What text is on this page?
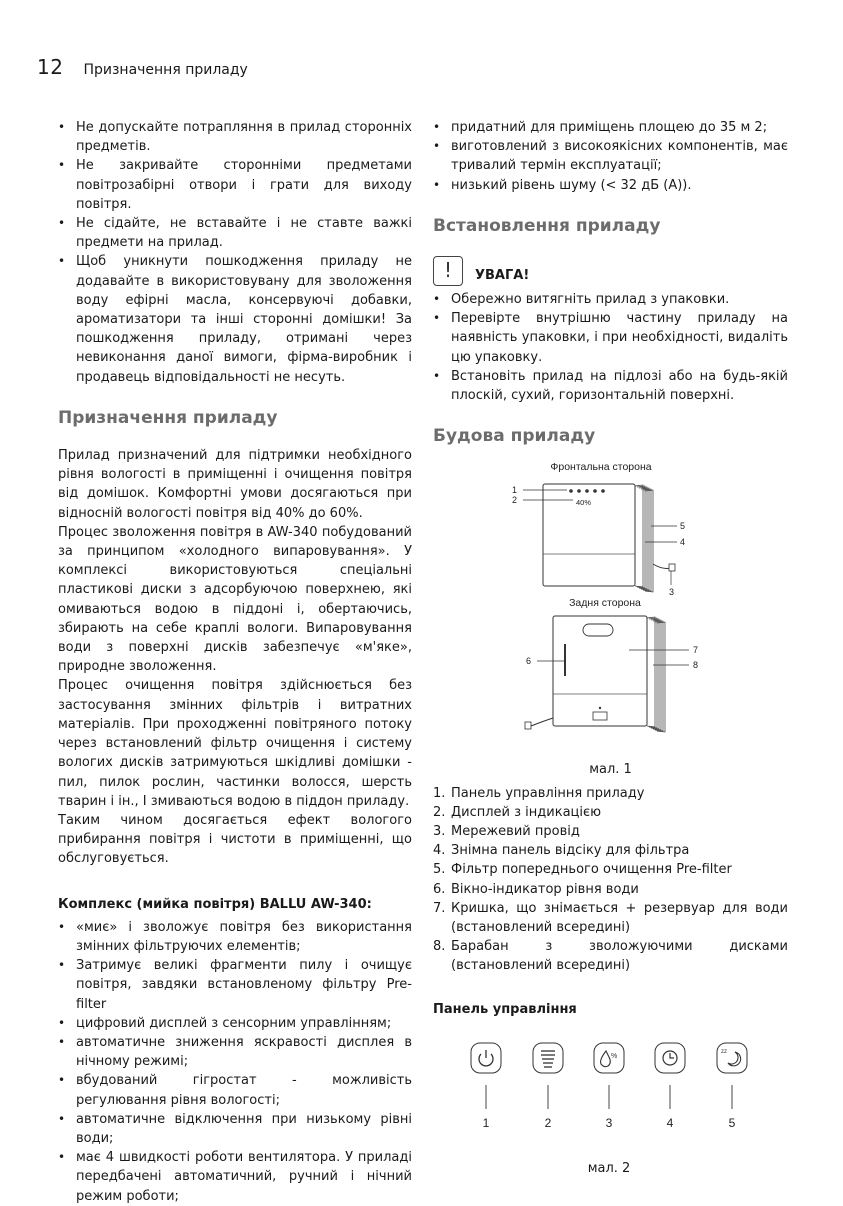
12 Призначення приладу
• Не допускайте потрапляння в прилад сторонніх предметів.
• Не закривайте сторонніми предметами повітрозабірні отвори і грати для виходу повітря.
• Не сідайте, не вставайте і не ставте важкі предмети на прилад.
• Щоб уникнути пошкодження приладу не додавайте в використовувану для зволоження воду ефірні масла, консервуючі добавки, ароматизатори та інші сторонні домішки! За пошкодження приладу, отримані через невиконання даної вимоги, фірма-виробник і продавець відповідальності не несуть.
Призначення приладу

Прилад призначений для підтримки необхідного рівня вологості в приміщенні і очищення повітря від домішок. Комфортні умови досягаються при відносній вологості повітря від 40% до 60%.

Процес зволоження повітря в AW-340 побудований за принципом «холодного випаровування». У комплексі використовуються спеціальні пластикові диски з адсорбуючою поверхнею, які омиваються водою в піддоні і, обертаючись, збирають на себе краплі вологи. Випаровування води з поверхні дисків забезпечує «м'яке», природне зволоження.

Процес очищення повітря здійснюється без застосування змінних фільтрів і витратних матеріалів. При проходженні повітряного потоку через встановлений фільтр очищення і систему вологих дисків затримуються шкідливі домішки - пил, пилок рослин, частинки волосся, шерсть тварин і ін., І змиваються водою в піддон приладу.

Таким чином досягається ефект вологого прибирання повітря і чистоти в приміщенні, що обслуговується.

Комплекс (мийка повітря) BALLU AW-340:
• «миє» і зволожує повітря без використання змінних фільтруючих елементів;
• Затримує великі фрагменти пилу і очищує повітря, завдяки встановленому фільтру Pre-filter
• цифровий дисплей з сенсорним управлінням;
• автоматичне зниження яскравості дисплея в нічному режимі;
• вбудований гігростат - можливість регулювання рівня вологості;
• автоматичне відключення при низькому рівні води;
• має 4 швидкості роботи вентилятора. У приладі передбачені автоматичний, ручний і нічний режим роботи;
• придатний для приміщень площею до 35 м 2;
• виготовлений з високоякісних компонентів, має тривалий термін експлуатації;
• низький рівень шуму (< 32 дБ (А)).
Встановлення приладу
!	УВАГА!
• Обережно витягніть прилад з упаковки.
• Перевірте внутрішню частину приладу на наявність упаковки, і при необхідності, видаліть цю упаковку.
• Встановіть прилад на підлозі або на будь-якій плоскій, сухий, горизонтальній поверхні.
Будова приладу
Фронтальна сторона
40%
1
2
3
4
5
Задня сторона
6
7
8
мал. 1
1. Панель управління приладу
2. Дисплей з індикацією
3. Мережевий провід
4. Знімна панель відсіку для фільтра
5. Фільтр попереднього очищення Pre-filter
6. Вікно-індикатор рівня води
7. Кришка, що знімається + резервуар для води (встановлений всередині)
8. Барабан з зволожуючими дисками (встановлений всередині)
Панель управління
%
zz
1	2	3	4	5
мал. 2
